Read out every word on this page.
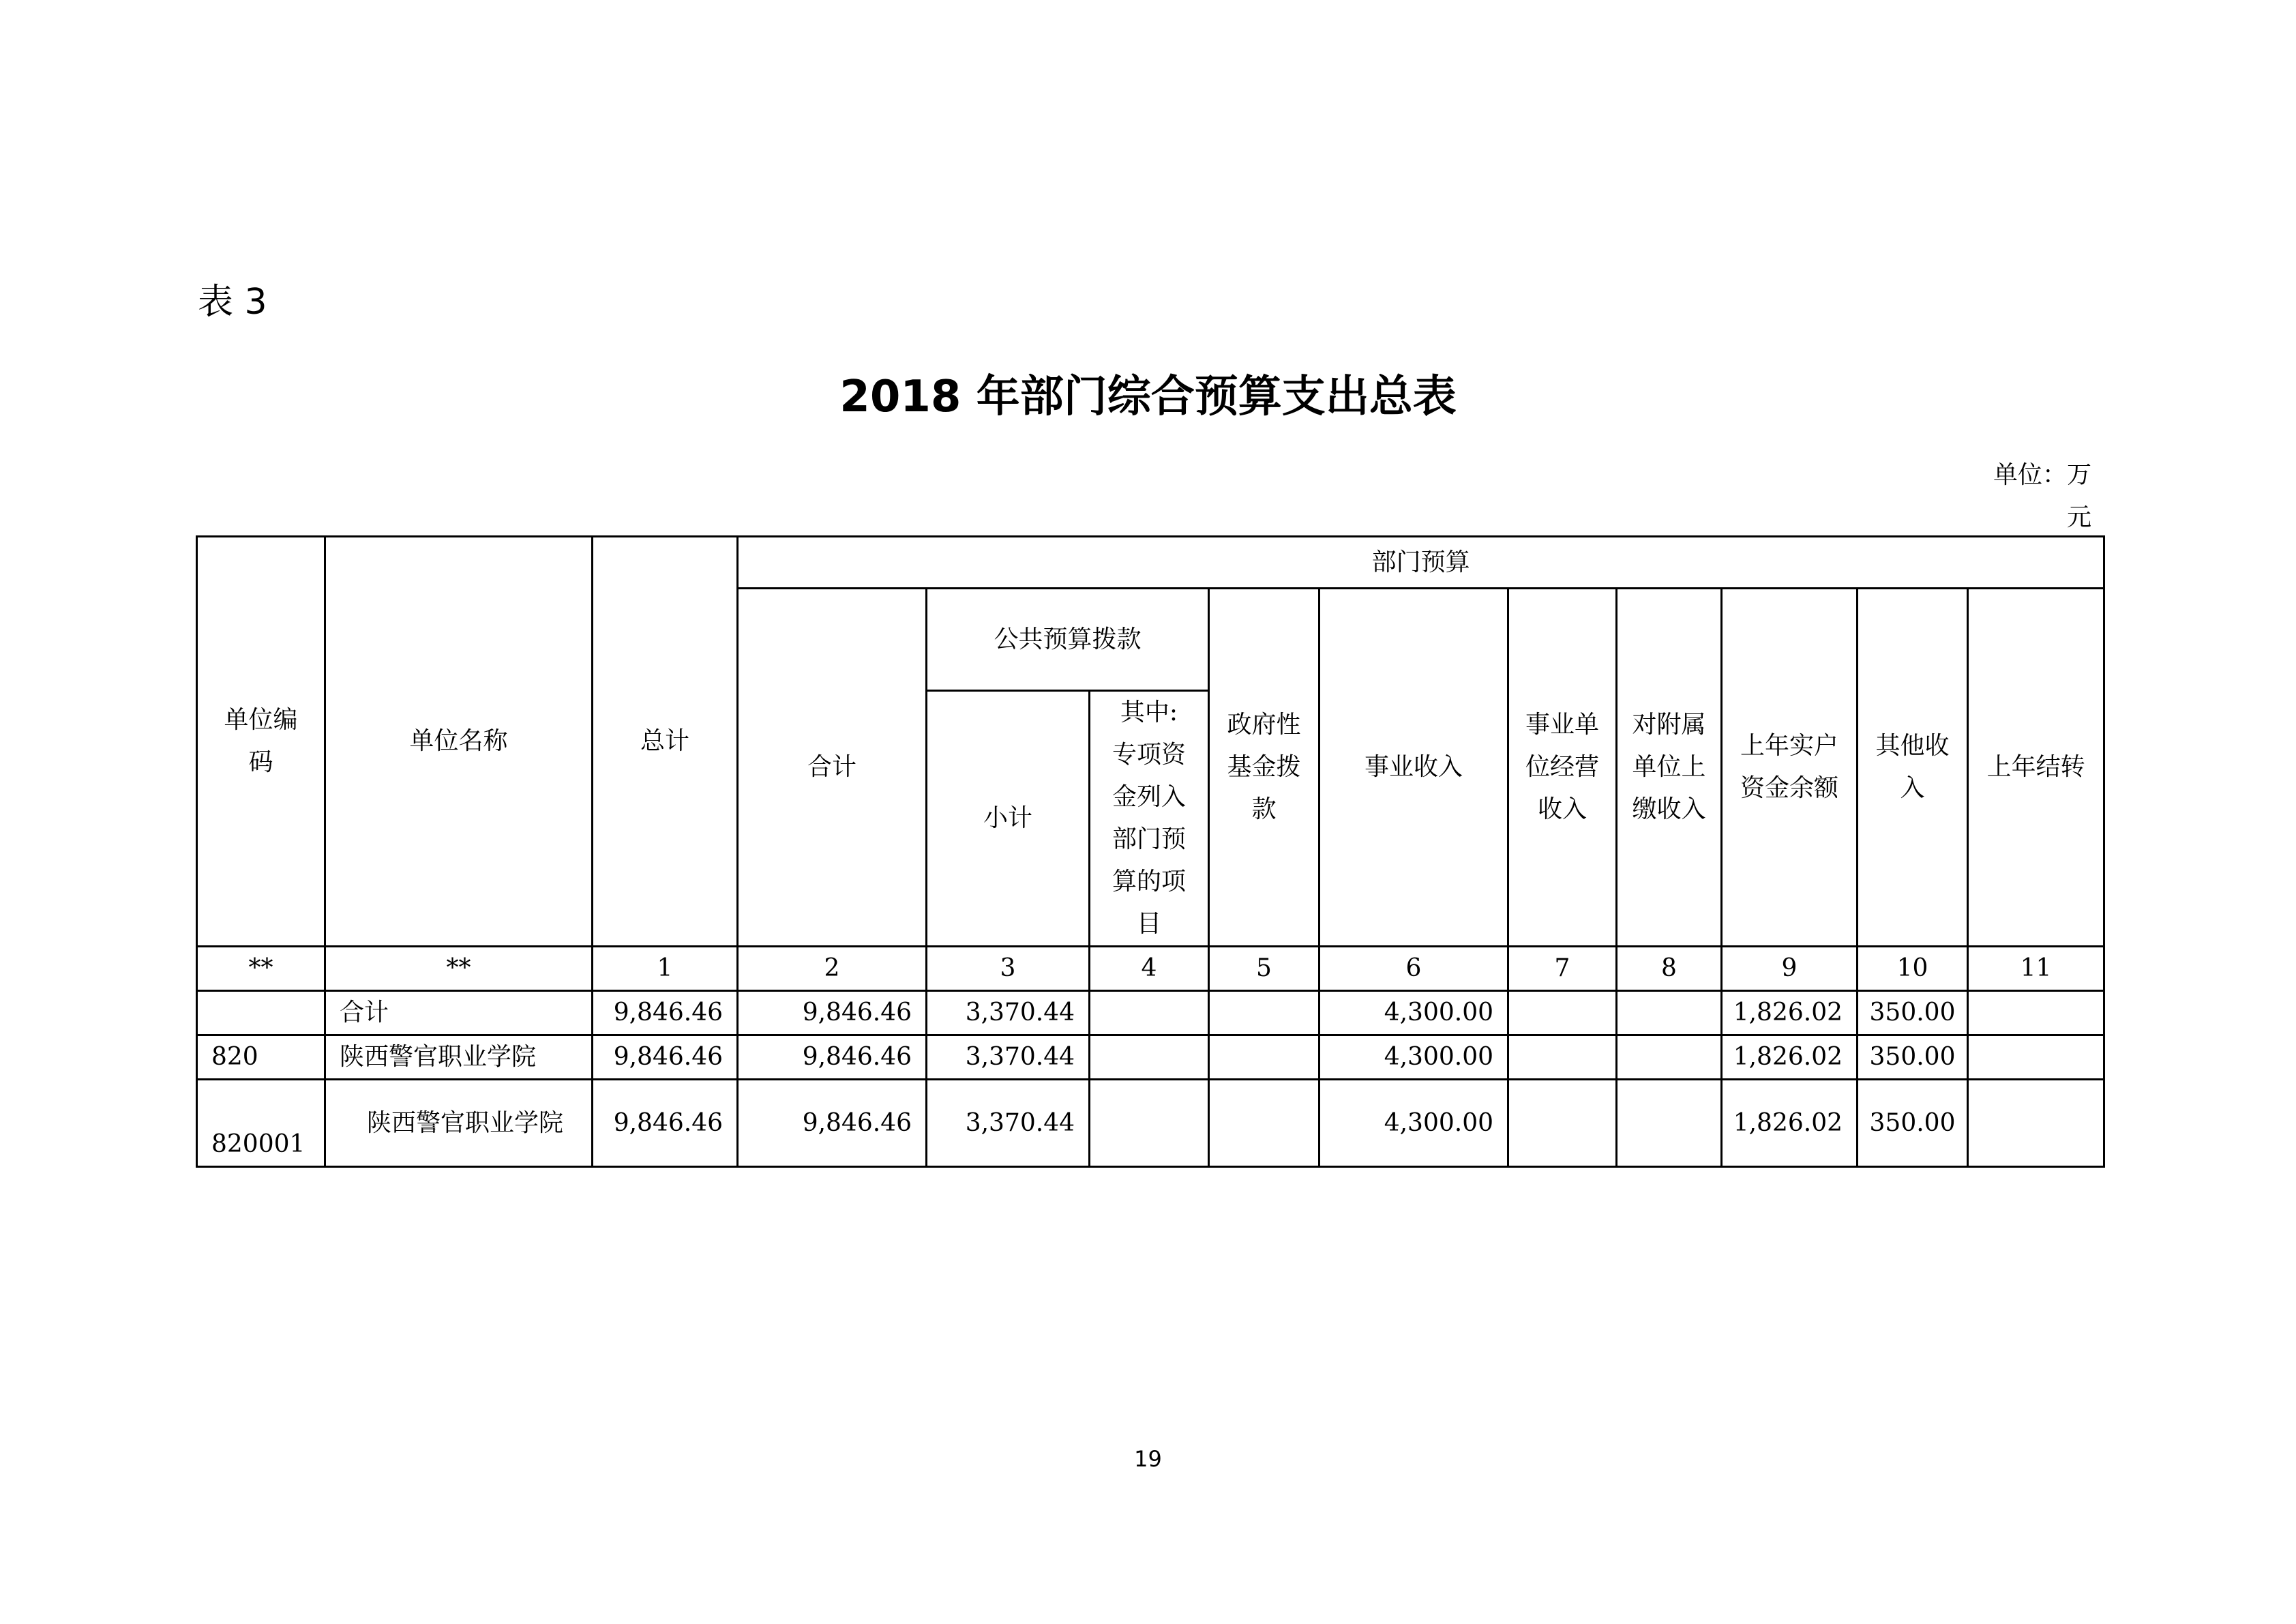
表 3
2018 年部门综合预算支出总表
单位：万
元
单位编码	单位名称	总计	部门预算									
			合计	公共预算拨款		政府性基金拨款	事业收入	事业单位经营收入	对附属单位上缴收入	上年实户资金余额	其他收入	上年结转
				小计	其中:专项资金列入部门预算的项目							
**	**	1	2	3	4	5	6	7	8	9	10	11
	合计	9,846.46	9,846.46	3,370.44			4,300.00			1,826.02	350.00	
820	陕西警官职业学院	9,846.46	9,846.46	3,370.44			4,300.00			1,826.02	350.00	
820001	陕西警官职业学院	9,846.46	9,846.46	3,370.44			4,300.00			1,826.02	350.00	
19
